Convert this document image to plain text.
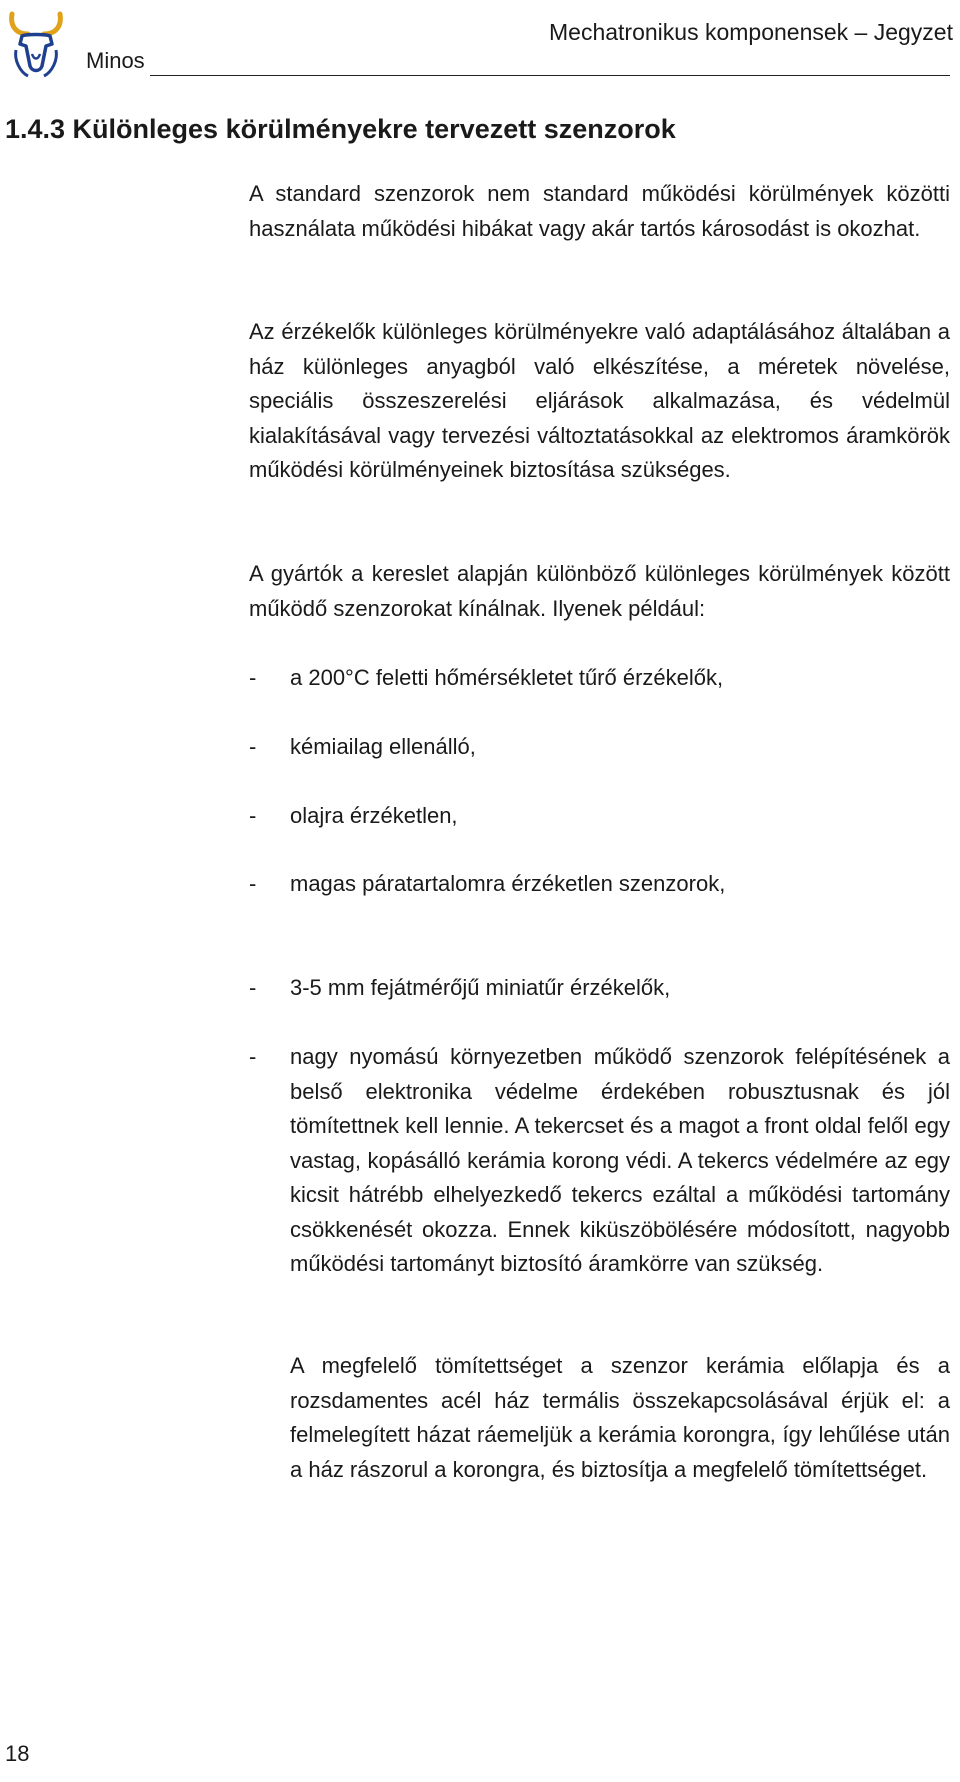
Minos
Mechatronikus komponensek – Jegyzet
1.4.3 Különleges körülményekre tervezett szenzorok

A standard szenzorok nem standard működési körülmények közötti használata működési hibákat vagy akár tartós károsodást is okozhat.

Az érzékelők különleges körülményekre való adaptálásához általában a ház különleges anyagból való elkészítése, a méretek növelése, speciális összeszerelési eljárások alkalmazása, és védelmül kialakításával vagy tervezési változtatásokkal az elektromos áramkörök működési körülményeinek biztosítása szükséges.

A gyártók a kereslet alapján különböző különleges körülmények között működő szenzorokat kínálnak. Ilyenek például:

- a 200°C feletti hőmérsékletet tűrő érzékelők,
- kémiailag ellenálló,
- olajra érzéketlen,
- magas páratartalomra érzéketlen szenzorok,
- 3-5 mm fejátmérőjű miniatűr érzékelők,
- nagy nyomású környezetben működő szenzorok felépítésének a belső elektronika védelme érdekében robusztusnak és jól tömítettnek kell lennie. A tekercset és a magot a front oldal felől egy vastag, kopásálló kerámia korong védi. A tekercs védelmére az egy kicsit hátrébb elhelyezkedő tekercs ezáltal a működési tartomány csökkenését okozza. Ennek kiküszöbölésére módosított, nagyobb működési tartományt biztosító áramkörre van szükség.

A megfelelő tömítettséget a szenzor kerámia előlapja és a rozsdamentes acél ház termális összekapcsolásával érjük el: a felmelegített házat ráemeljük a kerámia korongra, így lehűlése után a ház rászorul a korongra, és biztosítja a megfelelő tömítettséget.

18
